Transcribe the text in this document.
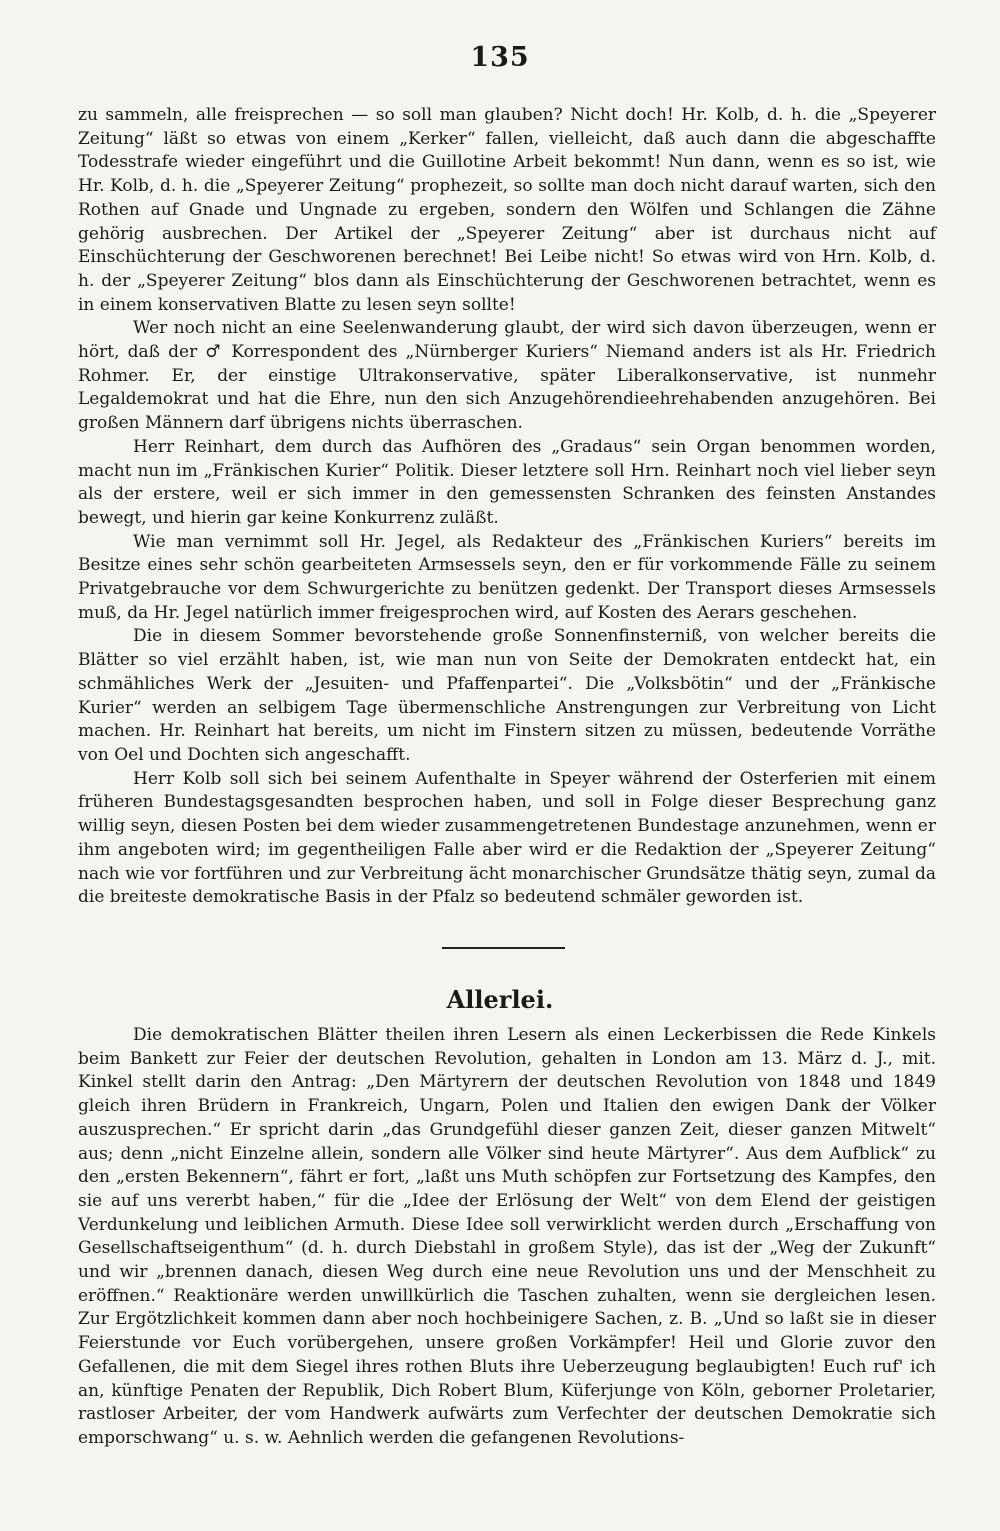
135

zu sammeln, alle freisprechen — so soll man glauben? Nicht doch! Hr. Kolb, d. h. die „Speyerer Zeitung“ läßt so etwas von einem „Kerker“ fallen, vielleicht, daß auch dann die abgeschaffte Todesstrafe wieder eingeführt und die Guillotine Arbeit bekommt! Nun dann, wenn es so ist, wie Hr. Kolb, d. h. die „Speyerer Zeitung“ prophezeit, so sollte man doch nicht darauf warten, sich den Rothen auf Gnade und Ungnade zu ergeben, sondern den Wölfen und Schlangen die Zähne gehörig ausbrechen. Der Artikel der „Speyerer Zeitung“ aber ist durchaus nicht auf Einschüchterung der Geschworenen berechnet! Bei Leibe nicht! So etwas wird von Hrn. Kolb, d. h. der „Speyerer Zeitung“ blos dann als Einschüchterung der Geschworenen betrachtet, wenn es in einem konservativen Blatte zu lesen seyn sollte!

Wer noch nicht an eine Seelenwanderung glaubt, der wird sich davon überzeugen, wenn er hört, daß der ♂ Korrespondent des „Nürnberger Kuriers“ Niemand anders ist als Hr. Friedrich Rohmer. Er, der einstige Ultrakonservative, später Liberalkonservative, ist nunmehr Legaldemokrat und hat die Ehre, nun den sich Anzugehörendieehrehabenden anzugehören. Bei großen Männern darf übrigens nichts überraschen.

Herr Reinhart, dem durch das Aufhören des „Gradaus“ sein Organ benommen worden, macht nun im „Fränkischen Kurier“ Politik. Dieser letztere soll Hrn. Reinhart noch viel lieber seyn als der erstere, weil er sich immer in den gemessensten Schranken des feinsten Anstandes bewegt, und hierin gar keine Konkurrenz zuläßt.

Wie man vernimmt soll Hr. Jegel, als Redakteur des „Fränkischen Kuriers“ bereits im Besitze eines sehr schön gearbeiteten Armsessels seyn, den er für vorkommende Fälle zu seinem Privatgebrauche vor dem Schwurgerichte zu benützen gedenkt. Der Transport dieses Armsessels muß, da Hr. Jegel natürlich immer freigesprochen wird, auf Kosten des Aerars geschehen.

Die in diesem Sommer bevorstehende große Sonnenfinsterniß, von welcher bereits die Blätter so viel erzählt haben, ist, wie man nun von Seite der Demokraten entdeckt hat, ein schmähliches Werk der „Jesuiten- und Pfaffenpartei“. Die „Volksbötin“ und der „Fränkische Kurier“ werden an selbigem Tage übermenschliche Anstrengungen zur Verbreitung von Licht machen. Hr. Reinhart hat bereits, um nicht im Finstern sitzen zu müssen, bedeutende Vorräthe von Oel und Dochten sich angeschafft.

Herr Kolb soll sich bei seinem Aufenthalte in Speyer während der Osterferien mit einem früheren Bundestagsgesandten besprochen haben, und soll in Folge dieser Besprechung ganz willig seyn, diesen Posten bei dem wieder zusammengetretenen Bundestage anzunehmen, wenn er ihm angeboten wird; im gegentheiligen Falle aber wird er die Redaktion der „Speyerer Zeitung“ nach wie vor fortführen und zur Verbreitung ächt monarchischer Grundsätze thätig seyn, zumal da die breiteste demokratische Basis in der Pfalz so bedeutend schmäler geworden ist.

Allerlei.

Die demokratischen Blätter theilen ihren Lesern als einen Leckerbissen die Rede Kinkels beim Bankett zur Feier der deutschen Revolution, gehalten in London am 13. März d. J., mit. Kinkel stellt darin den Antrag: „Den Märtyrern der deutschen Revolution von 1848 und 1849 gleich ihren Brüdern in Frankreich, Ungarn, Polen und Italien den ewigen Dank der Völker auszusprechen.“ Er spricht darin „das Grundgefühl dieser ganzen Zeit, dieser ganzen Mitwelt“ aus; denn „nicht Einzelne allein, sondern alle Völker sind heute Märtyrer“. Aus dem Aufblick“ zu den „ersten Bekennern“, fährt er fort, „laßt uns Muth schöpfen zur Fortsetzung des Kampfes, den sie auf uns vererbt haben,“ für die „Idee der Erlösung der Welt“ von dem Elend der geistigen Verdunkelung und leiblichen Armuth. Diese Idee soll verwirklicht werden durch „Erschaffung von Gesellschaftseigenthum“ (d. h. durch Diebstahl in großem Style), das ist der „Weg der Zukunft“ und wir „brennen danach, diesen Weg durch eine neue Revolution uns und der Menschheit zu eröffnen.“ Reaktionäre werden unwillkürlich die Taschen zuhalten, wenn sie dergleichen lesen. Zur Ergötzlichkeit kommen dann aber noch hochbeinigere Sachen, z. B. „Und so laßt sie in dieser Feierstunde vor Euch vorübergehen, unsere großen Vorkämpfer! Heil und Glorie zuvor den Gefallenen, die mit dem Siegel ihres rothen Bluts ihre Ueberzeugung beglaubigten! Euch ruf' ich an, künftige Penaten der Republik, Dich Robert Blum, Küferjunge von Köln, geborner Proletarier, rastloser Arbeiter, der vom Handwerk aufwärts zum Verfechter der deutschen Demokratie sich emporschwang“ u. s. w. Aehnlich werden die gefangenen Revolutions-
